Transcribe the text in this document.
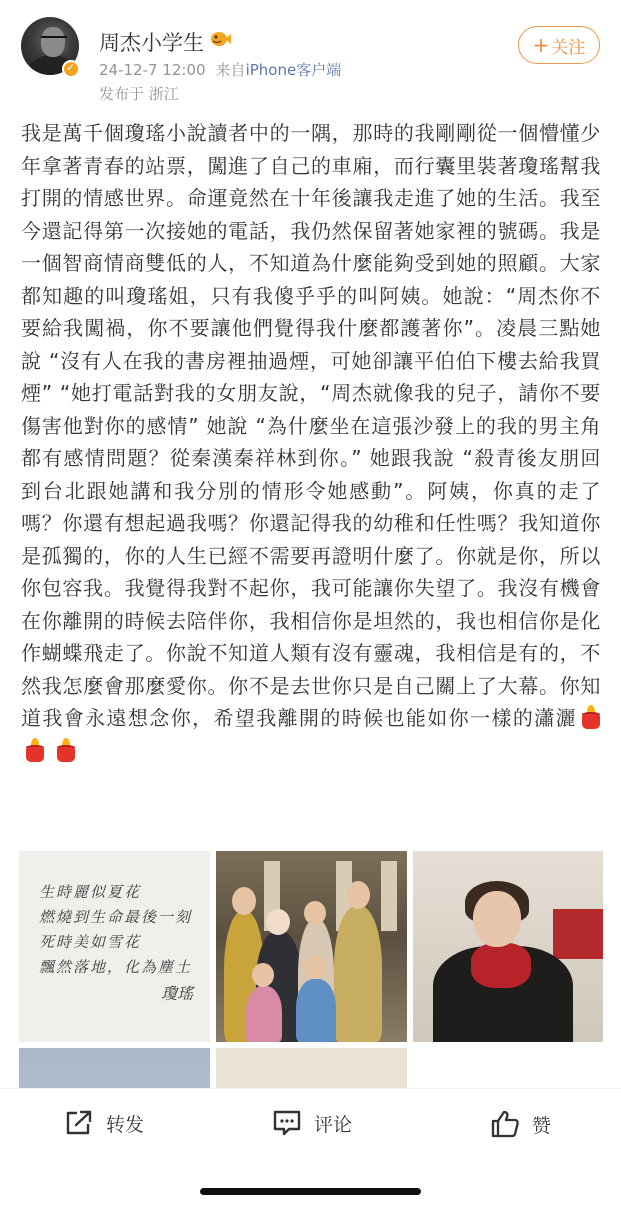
✓
周杰小学生
24-12-7 12:00 来自iPhone客户端
发布于 浙江
+ 关注
我是萬千個瓊瑤小說讀者中的一隅，那時的我剛剛從一個懵懂少年拿著青春的站票，闖進了自己的車廂，而行囊里裝著瓊瑤幫我打開的情感世界。命運竟然在十年後讓我走進了她的生活。我至今還記得第一次接她的電話，我仍然保留著她家裡的號碼。我是一個智商情商雙低的人，不知道為什麼能夠受到她的照顧。大家都知趣的叫瓊瑤姐，只有我傻乎乎的叫阿姨。她說：“周杰你不要給我闖禍，你不要讓他們覺得我什麼都護著你”。凌晨三點她說 “沒有人在我的書房裡抽過煙，可她卻讓平伯伯下樓去給我買煙” “她打電話對我的女朋友說，“周杰就像我的兒子，請你不要傷害他對你的感情” 她說 “為什麼坐在這張沙發上的我的男主角都有感情問題？從秦漢秦祥林到你。” 她跟我說 “殺青後友朋回到台北跟她講和我分別的情形令她感動”。阿姨，你真的走了嗎？你還有想起過我嗎？你還記得我的幼稚和任性嗎？我知道你是孤獨的，你的人生已經不需要再證明什麼了。你就是你，所以你包容我。我覺得我對不起你，我可能讓你失望了。我沒有機會在你離開的時候去陪伴你，我相信你是坦然的，我也相信你是化作蝴蝶飛走了。你說不知道人類有沒有靈魂，我相信是有的，不然我怎麼會那麼愛你。你不是去世你只是自己關上了大幕。你知道我會永遠想念你，希望我離開的時候也能如你一樣的瀟灑

生時麗似夏花
燃燒到生命最後一刻
死時美如雪花
飄然落地，化為塵土
瓊瑤
转发	评论	赞
